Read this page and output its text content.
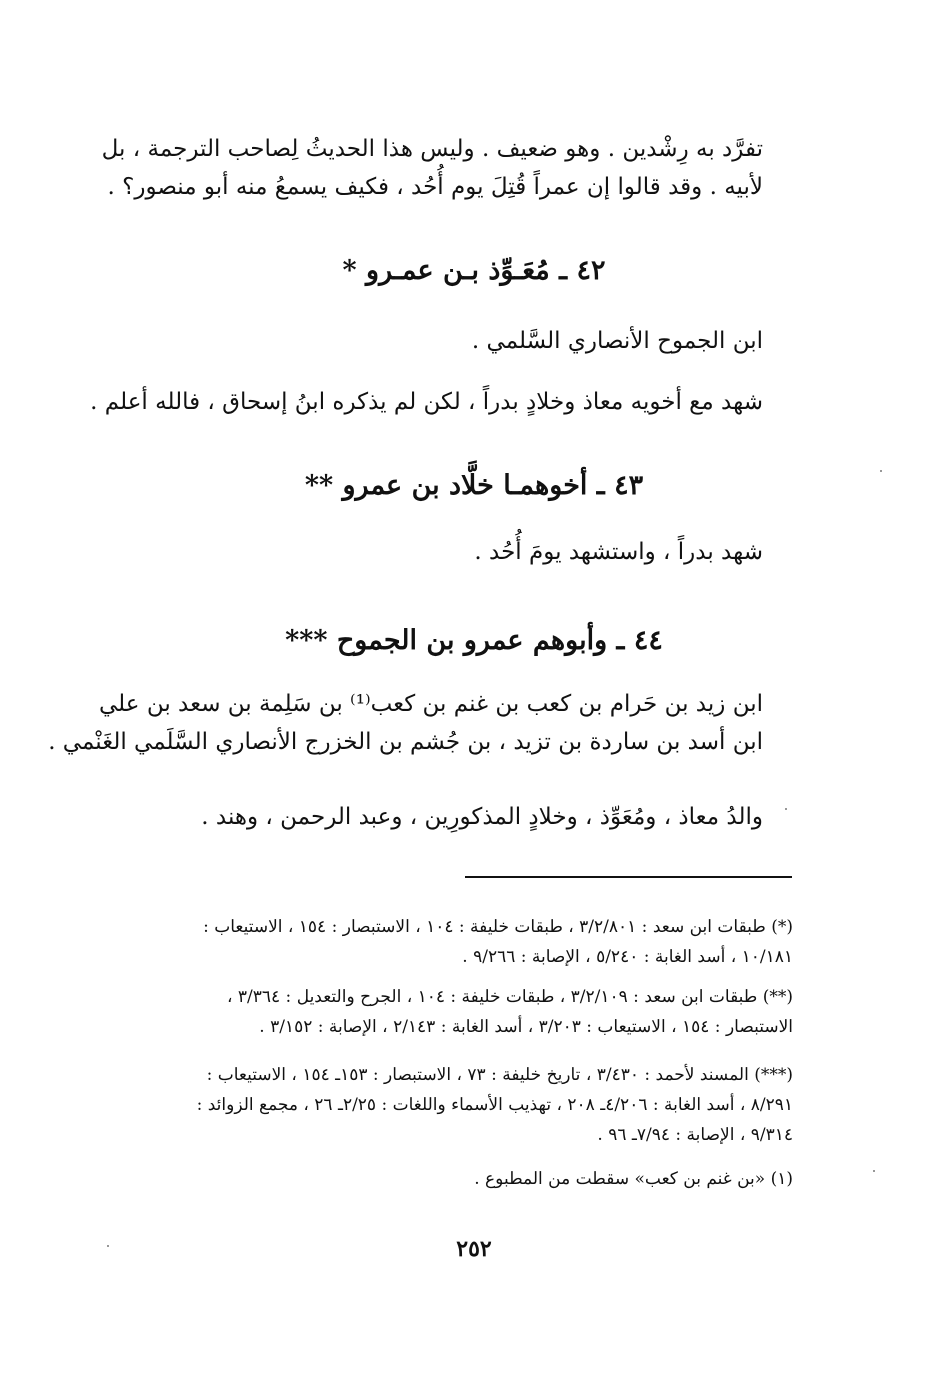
تفرَّد به رِشْدين . وهو ضعيف . وليس هذا الحديثُ لِصاحب الترجمة ، بل
لأبيه . وقد قالوا إن عمراً قُتِلَ يوم أُحُد ، فكيف يسمعُ منه أبو منصور؟ .
٤٢ ـ مُعَـوِّذ بـن عمـرو *
ابن الجموح الأنصاري السَّلمي .
شهد مع أخويه معاذ وخلادٍ بدراً ، لكن لم يذكره ابنُ إسحاق ، فالله أعلم .
٤٣ ـ أخوهمـا خلَّاد بن عمرو **
شهد بدراً ، واستشهد يومَ أُحُد .
٤٤ ـ وأبوهم عمرو بن الجموح ***
ابن زيد بن حَرام بن كعب بن غنم بن كعب⁽¹⁾ بن سَلِمة بن سعد بن علي
ابن أسد بن ساردة بن تزيد ، بن جُشم بن الخزرج الأنصاري السَّلَمي الغَنْمي .
والدُ معاذ ، ومُعَوِّذ ، وخلادٍ المذكورِين ، وعبد الرحمن ، وهند .
(*) طبقات ابن سعد : ٣/٢/٨٠١ ، طبقات خليفة : ١٠٤ ، الاستبصار : ١٥٤ ، الاستيعاب :
١٠/١٨١ ، أسد الغابة : ٥/٢٤٠ ، الإصابة : ٩/٢٦٦ .
(**) طبقات ابن سعد : ٣/٢/١٠٩ ، طبقات خليفة : ١٠٤ ، الجرح والتعديل : ٣/٣٦٤ ،
الاستبصار : ١٥٤ ، الاستيعاب : ٣/٢٠٣ ، أسد الغابة : ٢/١٤٣ ، الإصابة : ٣/١٥٢ .
(***) المسند لأحمد : ٣/٤٣٠ ، تاريخ خليفة : ٧٣ ، الاستبصار : ١٥٣ـ ١٥٤ ، الاستيعاب :
٨/٢٩١ ، أسد الغابة : ٤/٢٠٦ـ ٢٠٨ ، تهذيب الأسماء واللغات : ٢/٢٥ـ ٢٦ ، مجمع الزوائد :
٩/٣١٤ ، الإصابة : ٧/٩٤ـ ٩٦ .
(١) «بن غنم بن كعب» سقطت من المطبوع .
٢٥٢
